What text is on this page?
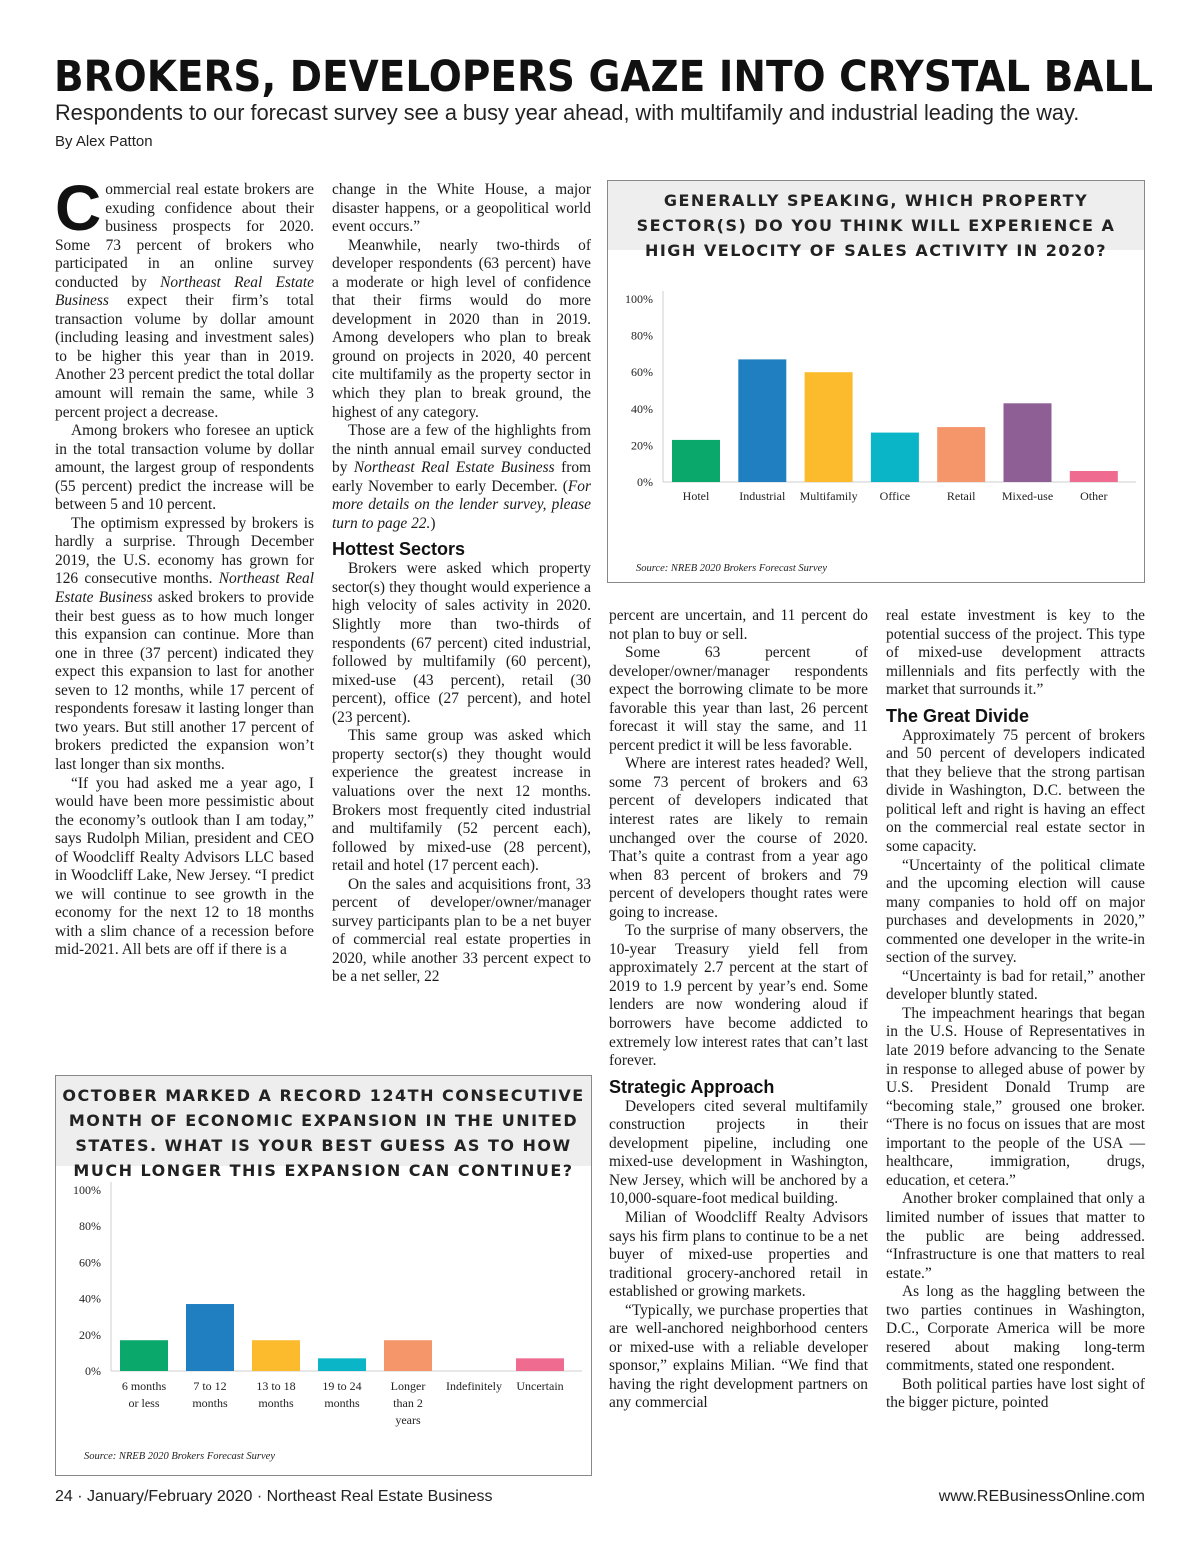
BROKERS, DEVELOPERS GAZE INTO CRYSTAL BALL
Respondents to our forecast survey see a busy year ahead, with multifamily and industrial leading the way.
By Alex Patton

Commercial real estate brokers are exuding confidence about their business prospects for 2020. Some 73 percent of brokers who participated in an online survey conducted by Northeast Real Estate Business expect their firm’s total transaction volume by dollar amount (including leasing and investment sales) to be higher this year than in 2019. Another 23 percent predict the total dollar amount will remain the same, while 3 percent project a decrease.

Among brokers who foresee an uptick in the total transaction volume by dollar amount, the largest group of respondents (55 percent) predict the increase will be between 5 and 10 percent.

The optimism expressed by brokers is hardly a surprise. Through December 2019, the U.S. economy has grown for 126 consecutive months. Northeast Real Estate Business asked brokers to provide their best guess as to how much longer this expansion can continue. More than one in three (37 percent) indicated they expect this expansion to last for another seven to 12 months, while 17 percent of respondents foresaw it lasting longer than two years. But still another 17 percent of brokers predicted the expansion won’t last longer than six months.

“If you had asked me a year ago, I would have been more pessimistic about the economy’s outlook than I am today,” says Rudolph Milian, president and CEO of Woodcliff Realty Advisors LLC based in Woodcliff Lake, New Jersey. “I predict we will continue to see growth in the economy for the next 12 to 18 months with a slim chance of a recession before mid-2021. All bets are off if there is a

change in the White House, a major disaster happens, or a geopolitical world event occurs.”

Meanwhile, nearly two-thirds of developer respondents (63 percent) have a moderate or high level of confidence that their firms would do more development in 2020 than in 2019. Among developers who plan to break ground on projects in 2020, 40 percent cite multifamily as the property sector in which they plan to break ground, the highest of any category.

Those are a few of the highlights from the ninth annual email survey conducted by Northeast Real Estate Business from early November to early December. (For more details on the lender survey, please turn to page 22.)

Hottest Sectors

Brokers were asked which property sector(s) they thought would experience a high velocity of sales activity in 2020. Slightly more than two-thirds of respondents (67 percent) cited industrial, followed by multifamily (60 percent), mixed-use (43 percent), retail (30 percent), office (27 percent), and hotel (23 percent).

This same group was asked which property sector(s) they thought would experience the greatest increase in valuations over the next 12 months. Brokers most frequently cited industrial and multifamily (52 percent each), followed by mixed-use (28 percent), retail and hotel (17 percent each).

On the sales and acquisitions front, 33 percent of developer/owner/manager survey participants plan to be a net buyer of commercial real estate properties in 2020, while another 33 percent expect to be a net seller, 22

percent are uncertain, and 11 percent do not plan to buy or sell.

Some 63 percent of developer/owner/manager respondents expect the borrowing climate to be more favorable this year than last, 26 percent forecast it will stay the same, and 11 percent predict it will be less favorable.

Where are interest rates headed? Well, some 73 percent of brokers and 63 percent of developers indicated that interest rates are likely to remain unchanged over the course of 2020. That’s quite a contrast from a year ago when 83 percent of brokers and 79 percent of developers thought rates were going to increase.

To the surprise of many observers, the 10-year Treasury yield fell from approximately 2.7 percent at the start of 2019 to 1.9 percent by year’s end. Some lenders are now wondering aloud if borrowers have become addicted to extremely low interest rates that can’t last forever.

Strategic Approach

Developers cited several multifamily construction projects in their development pipeline, including one mixed-use development in Washington, New Jersey, which will be anchored by a 10,000-square-foot medical building.

Milian of Woodcliff Realty Advisors says his firm plans to continue to be a net buyer of mixed-use properties and traditional grocery-anchored retail in established or growing markets.

“Typically, we purchase properties that are well-anchored neighborhood centers or mixed-use with a reliable developer sponsor,” explains Milian. “We find that having the right development partners on any commercial

real estate investment is key to the potential success of the project. This type of mixed-use development attracts millennials and fits perfectly with the market that surrounds it.”

The Great Divide

Approximately 75 percent of brokers and 50 percent of developers indicated that they believe that the strong partisan divide in Washington, D.C. between the political left and right is having an effect on the commercial real estate sector in some capacity.

“Uncertainty of the political climate and the upcoming election will cause many companies to hold off on major purchases and developments in 2020,” commented one developer in the write-in section of the survey.

“Uncertainty is bad for retail,” another developer bluntly stated.

The impeachment hearings that began in the U.S. House of Representatives in late 2019 before advancing to the Senate in response to alleged abuse of power by U.S. President Donald Trump are “becoming stale,” groused one broker. “There is no focus on issues that are most important to the people of the USA — healthcare, immigration, drugs, education, et cetera.”

Another broker complained that only a limited number of issues that matter to the public are being addressed. “Infrastructure is one that matters to real estate.”

As long as the haggling between the two parties continues in Washington, D.C., Corporate America will be more resered about making long-term commitments, stated one respondent.

Both political parties have lost sight of the bigger picture, pointed

GENERALLY SPEAKING, WHICH PROPERTY SECTOR(S) DO YOU THINK WILL EXPERIENCE A HIGH VELOCITY OF SALES ACTIVITY IN 2020?
0%
20%
40%
60%
80%
100%
Hotel Industrial Multifamily Office	Retail Mixed-use Other
Source: NREB 2020 Brokers Forecast Survey
OCTOBER MARKED A RECORD 124TH CONSECUTIVE MONTH OF ECONOMIC EXPANSION IN THE UNITED STATES. WHAT IS YOUR BEST GUESS AS TO HOW MUCH LONGER THIS EXPANSION CAN CONTINUE?
0%
20%
40%
60%
80%
100%
6 months
or less
7 to 12
months
13 to 18
months
19 to 24
months
Longer
than 2
years
Indefinitely Uncertain
Source: NREB 2020 Brokers Forecast Survey
24 · January/February 2020 · Northeast Real Estate Business	www.REBusinessOnline.com
